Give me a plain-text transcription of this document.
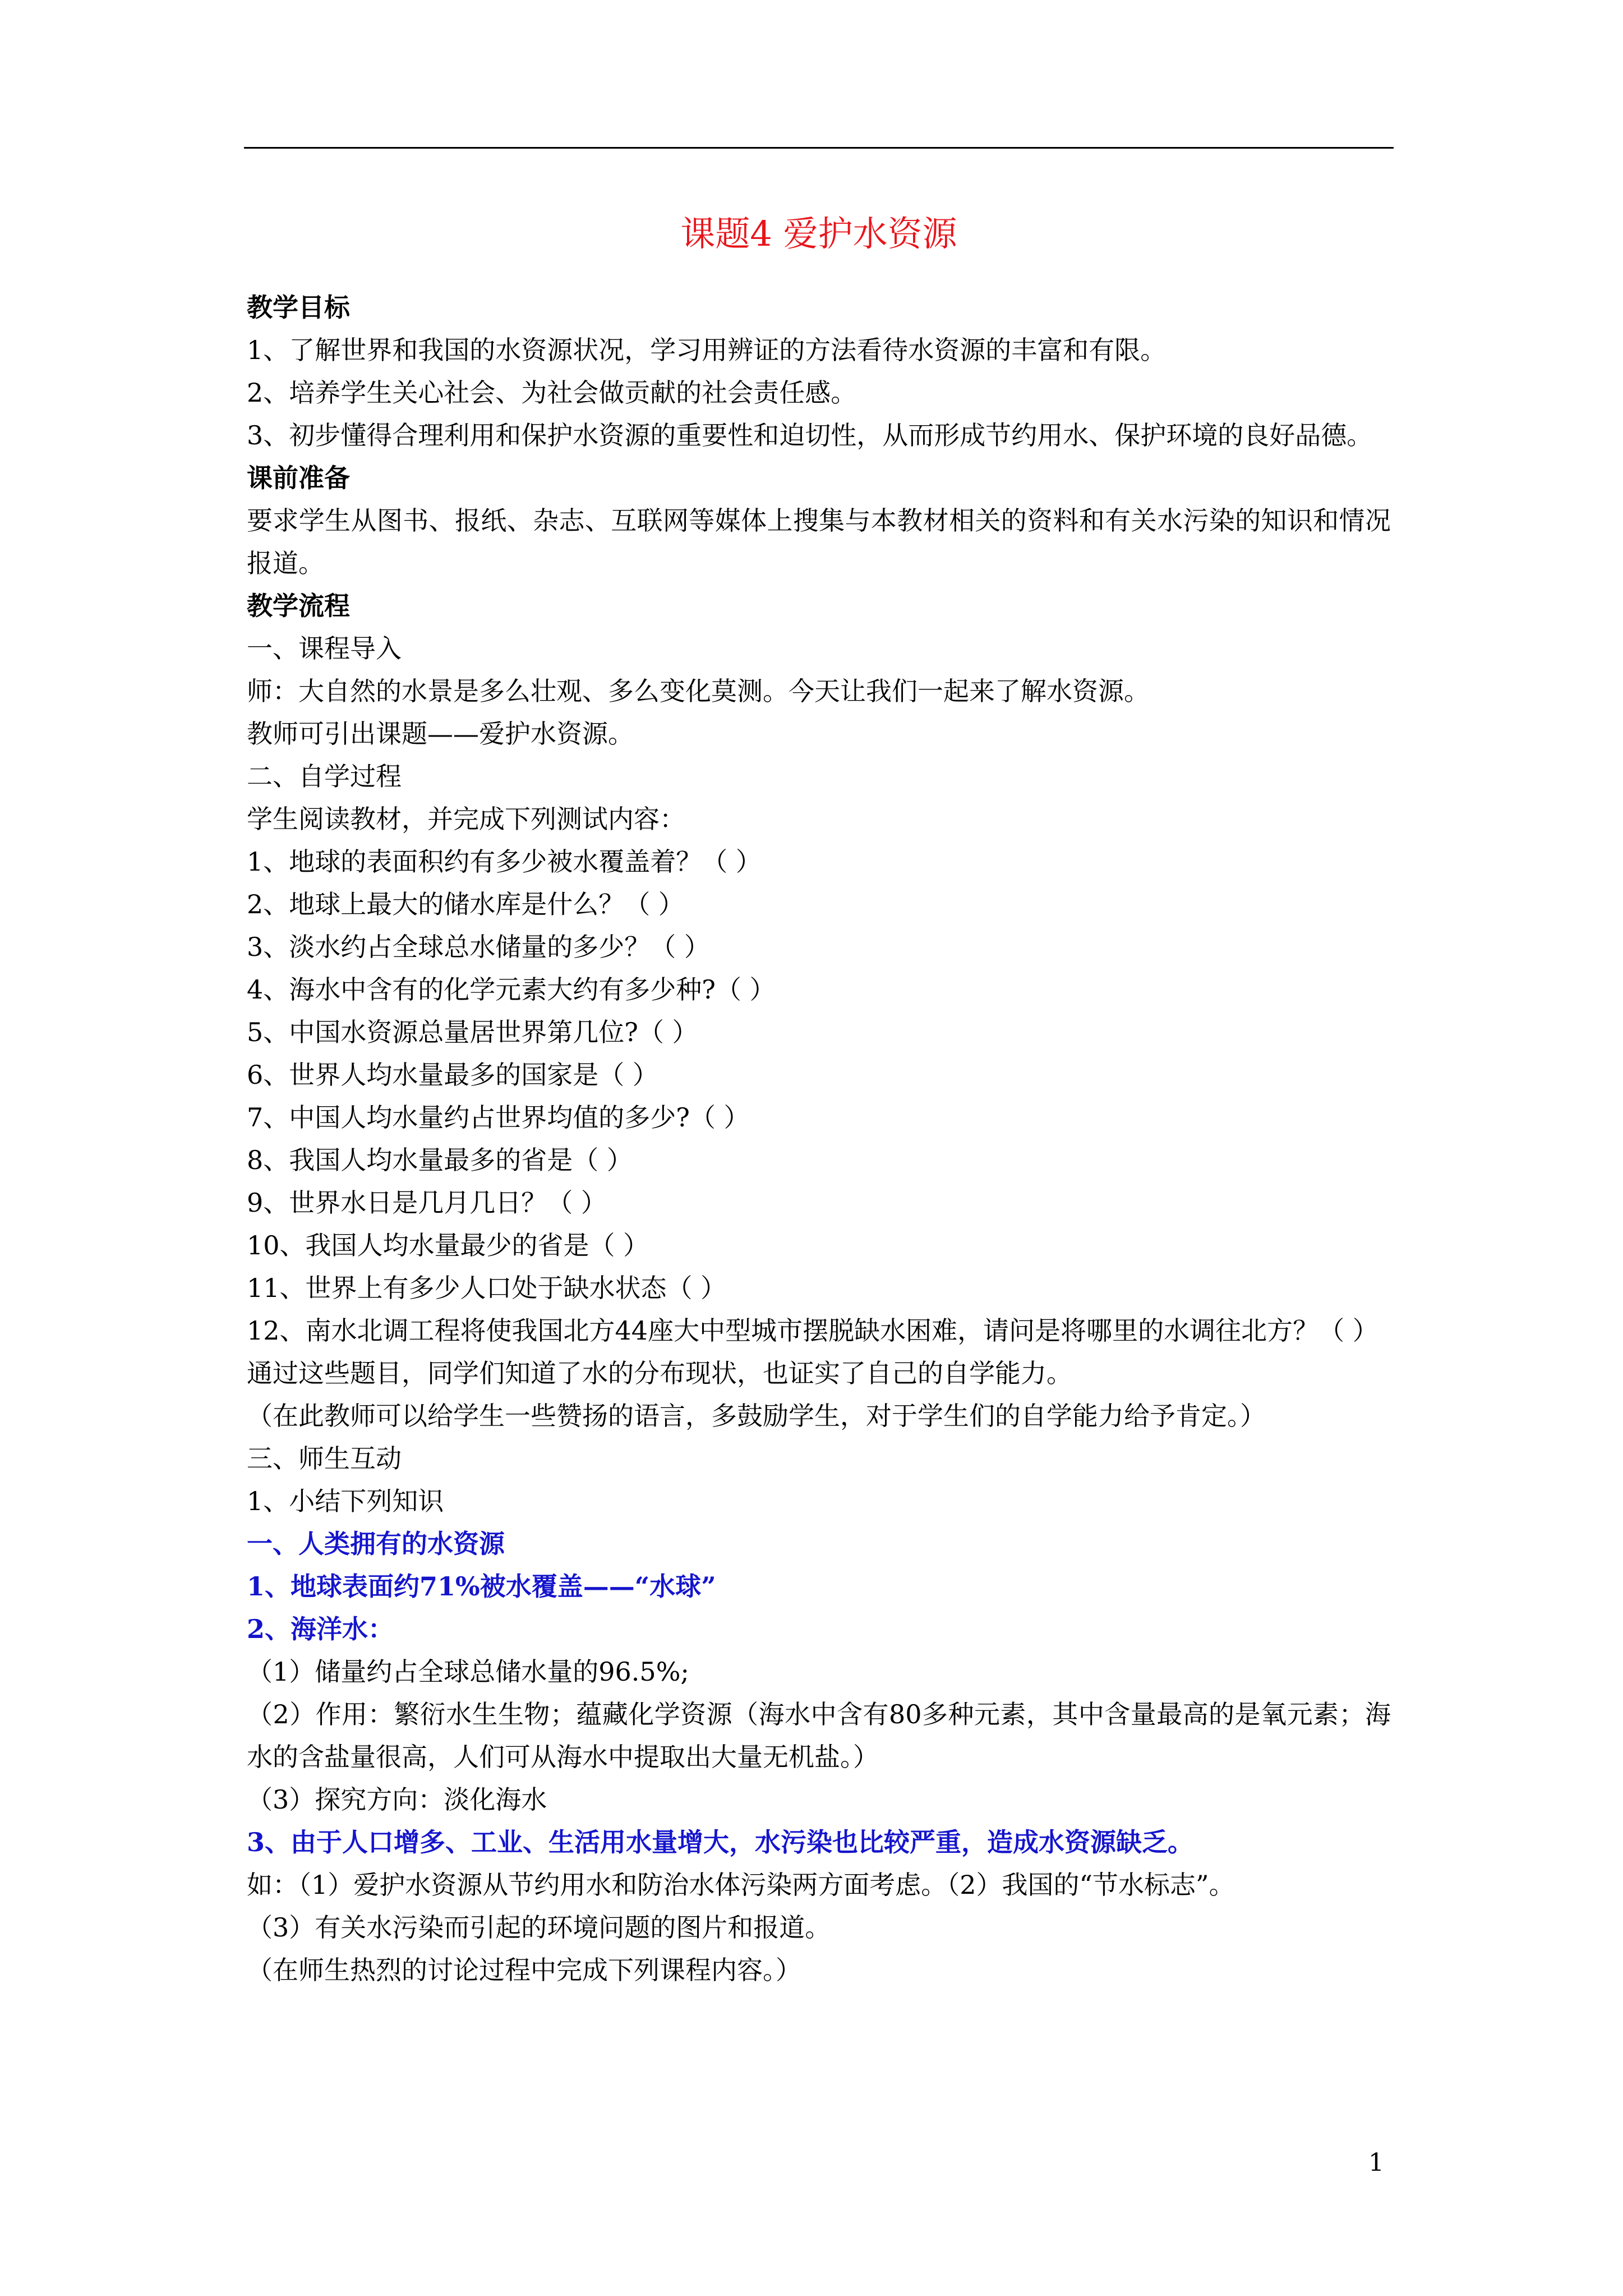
课题4 爱护水资源

教学目标

1、了解世界和我国的水资源状况，学习用辨证的方法看待水资源的丰富和有限。

2、培养学生关心社会、为社会做贡献的社会责任感。

3、初步懂得合理利用和保护水资源的重要性和迫切性，从而形成节约用水、保护环境的良好品德。

课前准备

要求学生从图书、报纸、杂志、互联网等媒体上搜集与本教材相关的资料和有关水污染的知识和情况报道。

教学流程

一、课程导入

师：大自然的水景是多么壮观、多么变化莫测。今天让我们一起来了解水资源。

教师可引出课题——爱护水资源。

二、自学过程

学生阅读教材，并完成下列测试内容：

1、地球的表面积约有多少被水覆盖着？（ ）

2、地球上最大的储水库是什么？（ ）

3、淡水约占全球总水储量的多少？（ ）

4、海水中含有的化学元素大约有多少种?（ ）

5、中国水资源总量居世界第几位?（ ）

6、世界人均水量最多的国家是（ ）

7、中国人均水量约占世界均值的多少?（ ）

8、我国人均水量最多的省是（ ）

9、世界水日是几月几日？（ ）

10、我国人均水量最少的省是（ ）

11、世界上有多少人口处于缺水状态（ ）

12、南水北调工程将使我国北方44座大中型城市摆脱缺水困难，请问是将哪里的水调往北方？（ ）

通过这些题目，同学们知道了水的分布现状，也证实了自己的自学能力。

（在此教师可以给学生一些赞扬的语言，多鼓励学生，对于学生们的自学能力给予肯定。）

三、师生互动

1、小结下列知识

一、人类拥有的水资源

1、地球表面约71%被水覆盖——“水球”

2、海洋水：

（1）储量约占全球总储水量的96.5%;

（2）作用：繁衍水生生物；蕴藏化学资源（海水中含有80多种元素，其中含量最高的是氧元素；海水的含盐量很高，人们可从海水中提取出大量无机盐。）

（3）探究方向：淡化海水

3、由于人口增多、工业、生活用水量增大，水污染也比较严重，造成水资源缺乏。

如：（1）爱护水资源从节约用水和防治水体污染两方面考虑。（2）我国的“节水标志”。

（3）有关水污染而引起的环境问题的图片和报道。

（在师生热烈的讨论过程中完成下列课程内容。）

1
